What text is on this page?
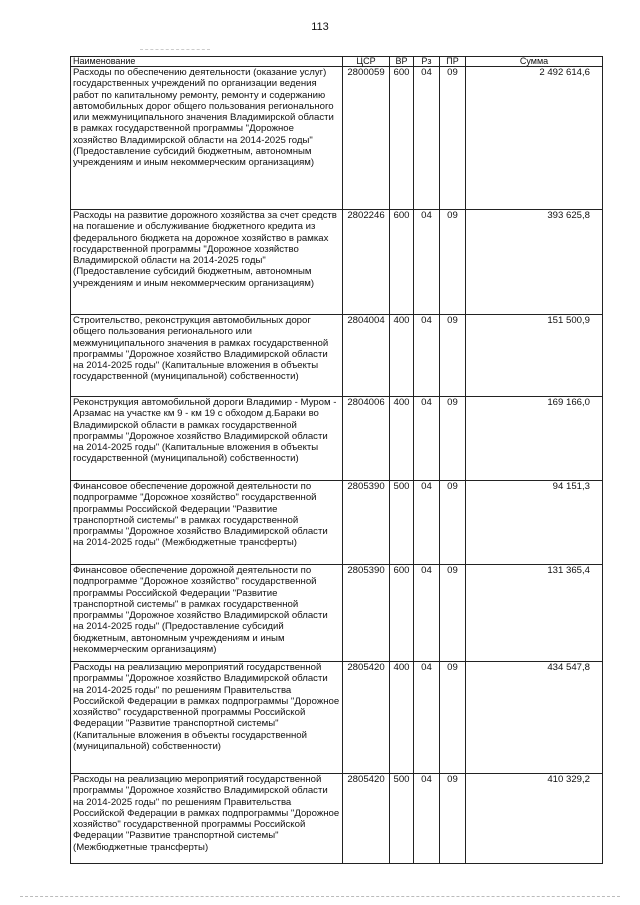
113
Наименование	ЦСР	ВР	Рз	ПР	Сумма
Расходы по обеспечению деятельности (оказание услуг) государственных учреждений по организации ведения работ по капитальному ремонту, ремонту и содержанию автомобильных дорог общего пользования регионального или межмуниципального значения Владимирской области в рамках государственной программы "Дорожное хозяйство Владимирской области на 2014-2025 годы" (Предоставление субсидий бюджетным, автономным учреждениям и иным некоммерческим организациям)	2800059	600	04	09	2 492 614,6
Расходы на развитие дорожного хозяйства за счет средств на погашение и обслуживание бюджетного кредита из федерального бюджета на дорожное хозяйство в рамках государственной программы "Дорожное хозяйство Владимирской области на 2014-2025 годы" (Предоставление субсидий бюджетным, автономным учреждениям и иным некоммерческим организациям)	2802246	600	04	09	393 625,8
Строительство, реконструкция автомобильных дорог общего пользования регионального или межмуниципального значения в рамках государственной программы "Дорожное хозяйство Владимирской области на 2014-2025 годы" (Капитальные вложения в объекты государственной (муниципальной) собственности)	2804004	400	04	09	151 500,9
Реконструкция автомобильной дороги Владимир - Муром - Арзамас на участке км 9 - км 19 с обходом д.Бараки во Владимирской области в рамках государственной программы "Дорожное хозяйство Владимирской области на 2014-2025 годы" (Капитальные вложения в объекты государственной (муниципальной) собственности)	2804006	400	04	09	169 166,0
Финансовое обеспечение дорожной деятельности по подпрограмме "Дорожное хозяйство" государственной программы Российской Федерации "Развитие транспортной системы" в рамках государственной программы "Дорожное хозяйство Владимирской области на 2014-2025 годы" (Межбюджетные трансферты)	2805390	500	04	09	94 151,3
Финансовое обеспечение дорожной деятельности по подпрограмме "Дорожное хозяйство" государственной программы Российской Федерации "Развитие транспортной системы" в рамках государственной программы "Дорожное хозяйство Владимирской области на 2014-2025 годы" (Предоставление субсидий бюджетным, автономным учреждениям и иным некоммерческим организациям)	2805390	600	04	09	131 365,4
Расходы на реализацию мероприятий государственной программы "Дорожное хозяйство Владимирской области на 2014-2025 годы" по решениям Правительства Российской Федерации в рамках подпрограммы "Дорожное хозяйство" государственной программы Российской Федерации "Развитие транспортной системы" (Капитальные вложения в объекты государственной (муниципальной) собственности)	2805420	400	04	09	434 547,8
Расходы на реализацию мероприятий государственной программы "Дорожное хозяйство Владимирской области на 2014-2025 годы" по решениям Правительства Российской Федерации в рамках подпрограммы "Дорожное хозяйство" государственной программы Российской Федерации "Развитие транспортной системы" (Межбюджетные трансферты)	2805420	500	04	09	410 329,2
